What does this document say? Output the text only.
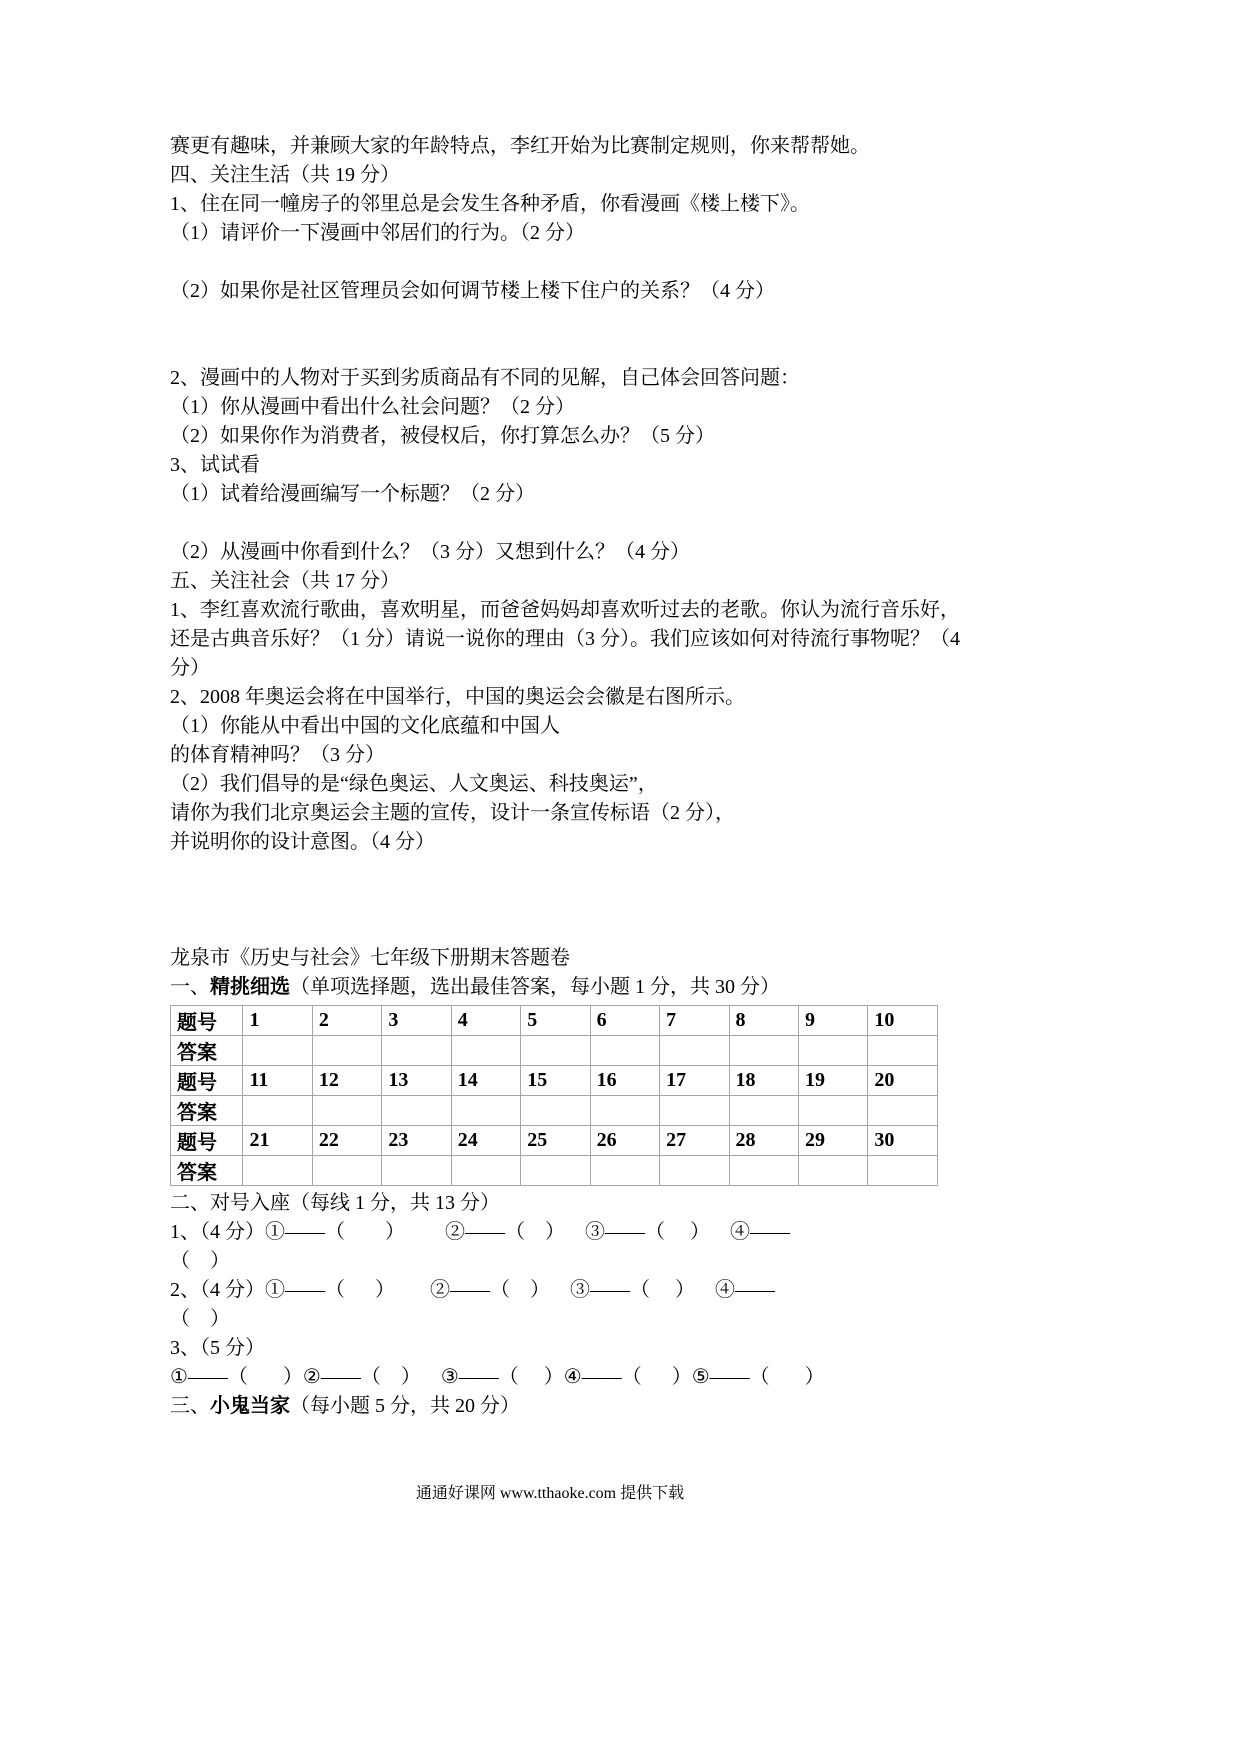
赛更有趣味，并兼顾大家的年龄特点，李红开始为比赛制定规则，你来帮帮她。
四、关注生活（共 19 分）
1、住在同一幢房子的邻里总是会发生各种矛盾，你看漫画《楼上楼下》。
（1）请评价一下漫画中邻居们的行为。（2 分）

（2）如果你是社区管理员会如何调节楼上楼下住户的关系？（4 分）

2、漫画中的人物对于买到劣质商品有不同的见解，自己体会回答问题：
（1）你从漫画中看出什么社会问题？（2 分）
（2）如果你作为消费者，被侵权后，你打算怎么办？（5 分）
3、试试看
（1）试着给漫画编写一个标题？（2 分）

（2）从漫画中你看到什么？（3 分）又想到什么？（4 分）
五、关注社会（共 17 分）
1、李红喜欢流行歌曲，喜欢明星，而爸爸妈妈却喜欢听过去的老歌。你认为流行音乐好，
还是古典音乐好？（1 分）请说一说你的理由（3 分）。我们应该如何对待流行事物呢？（4
分）
2、2008 年奥运会将在中国举行，中国的奥运会会徽是右图所示。
（1）你能从中看出中国的文化底蕴和中国人
的体育精神吗？（3 分）
（2）我们倡导的是“绿色奥运、人文奥运、科技奥运”，
请你为我们北京奥运会主题的宣传，设计一条宣传标语（2 分），
并说明你的设计意图。（4 分）

龙泉市《历史与社会》七年级下册期末答题卷
一、精挑细选（单项选择题，选出最佳答案，每小题 1 分，共 30 分）
题号	1	2	3	4	5	6	7	8	9	10
答案										
题号	11	12	13	14	15	16	17	18	19	20
答案										
题号	21	22	23	24	25	26	27	28	29	30
答案										
二、对号入座（每线 1 分，共 13 分）
1、（4 分）①——（        ）        ②——（    ）    ③——（     ）    ④——
（    ）
2、（4 分）①——（      ）       ②——（    ）    ③——（     ）    ④——
（    ）
3、（5 分）
①——（       ）②——（    ）    ③——（     ）④——（      ）⑤——（       ）
三、小鬼当家（每小题 5 分，共 20 分）
通通好课网 www.tthaoke.com 提供下载
